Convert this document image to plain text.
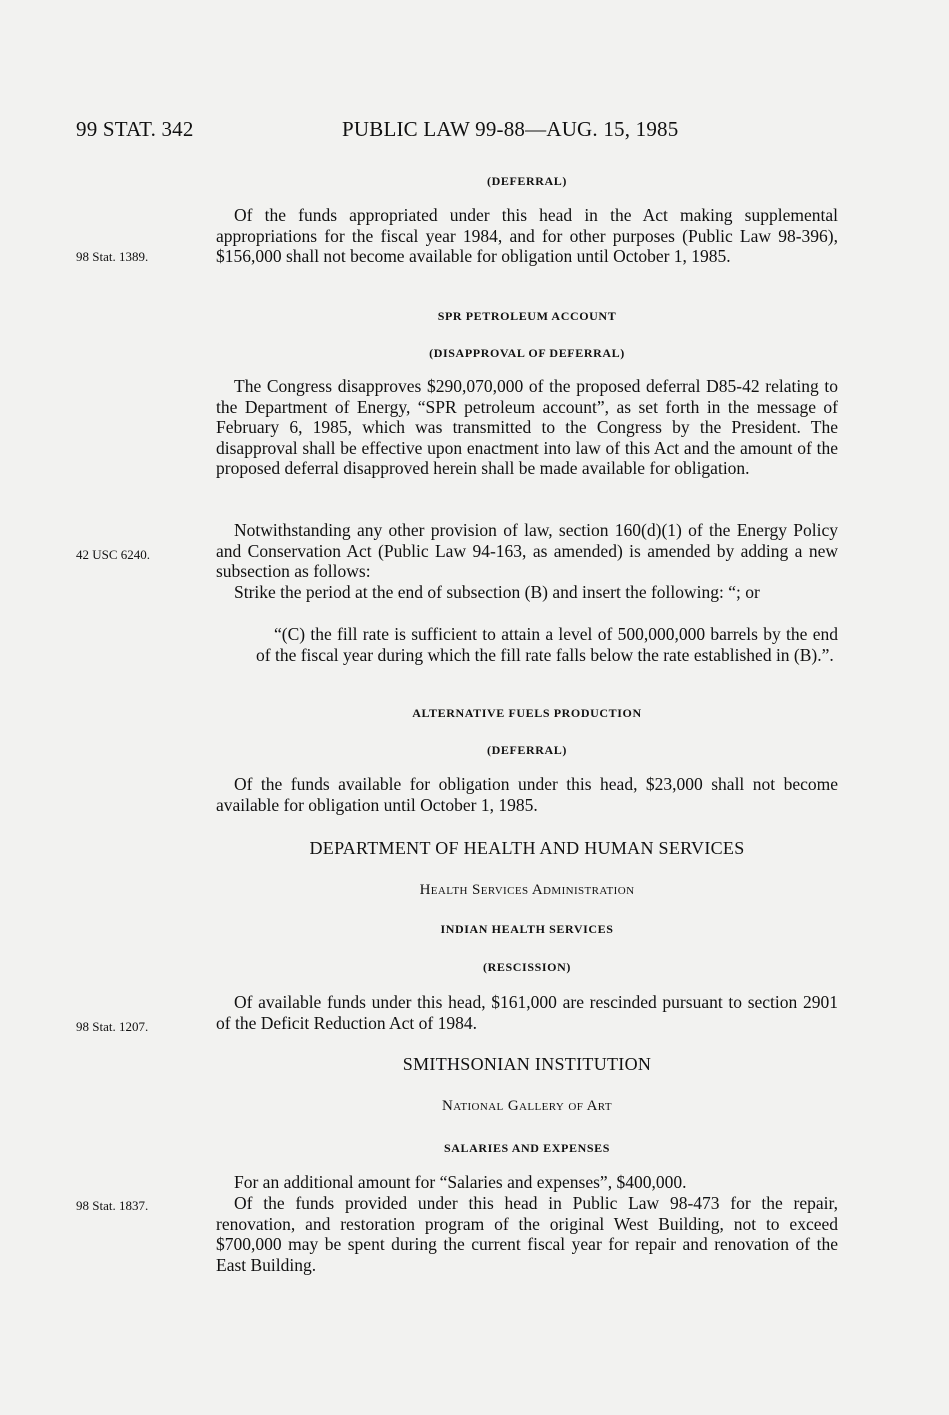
99 STAT. 342	PUBLIC LAW 99-88—AUG. 15, 1985
98 Stat. 1389.
42 USC 6240.
98 Stat. 1207.
98 Stat. 1837.
(DEFERRAL)

Of the funds appropriated under this head in the Act making supplemental appropriations for the fiscal year 1984, and for other purposes (Public Law 98-396), $156,000 shall not become available for obligation until October 1, 1985.

SPR PETROLEUM ACCOUNT
(DISAPPROVAL OF DEFERRAL)

The Congress disapproves $290,070,000 of the proposed deferral D85-42 relating to the Department of Energy, “SPR petroleum account”, as set forth in the message of February 6, 1985, which was transmitted to the Congress by the President. The disapproval shall be effective upon enactment into law of this Act and the amount of the proposed deferral disapproved herein shall be made available for obligation.

Notwithstanding any other provision of law, section 160(d)(1) of the Energy Policy and Conservation Act (Public Law 94-163, as amended) is amended by adding a new subsection as follows:

Strike the period at the end of subsection (B) and insert the following: “; or

“(C) the fill rate is sufficient to attain a level of 500,000,000 barrels by the end of the fiscal year during which the fill rate falls below the rate established in (B).”.

ALTERNATIVE FUELS PRODUCTION
(DEFERRAL)

Of the funds available for obligation under this head, $23,000 shall not become available for obligation until October 1, 1985.

DEPARTMENT OF HEALTH AND HUMAN SERVICES
Health Services Administration
INDIAN HEALTH SERVICES
(RESCISSION)

Of available funds under this head, $161,000 are rescinded pursuant to section 2901 of the Deficit Reduction Act of 1984.

SMITHSONIAN INSTITUTION
National Gallery of Art
SALARIES AND EXPENSES

For an additional amount for “Salaries and expenses”, $400,000.

Of the funds provided under this head in Public Law 98-473 for the repair, renovation, and restoration program of the original West Building, not to exceed $700,000 may be spent during the current fiscal year for repair and renovation of the East Building.
